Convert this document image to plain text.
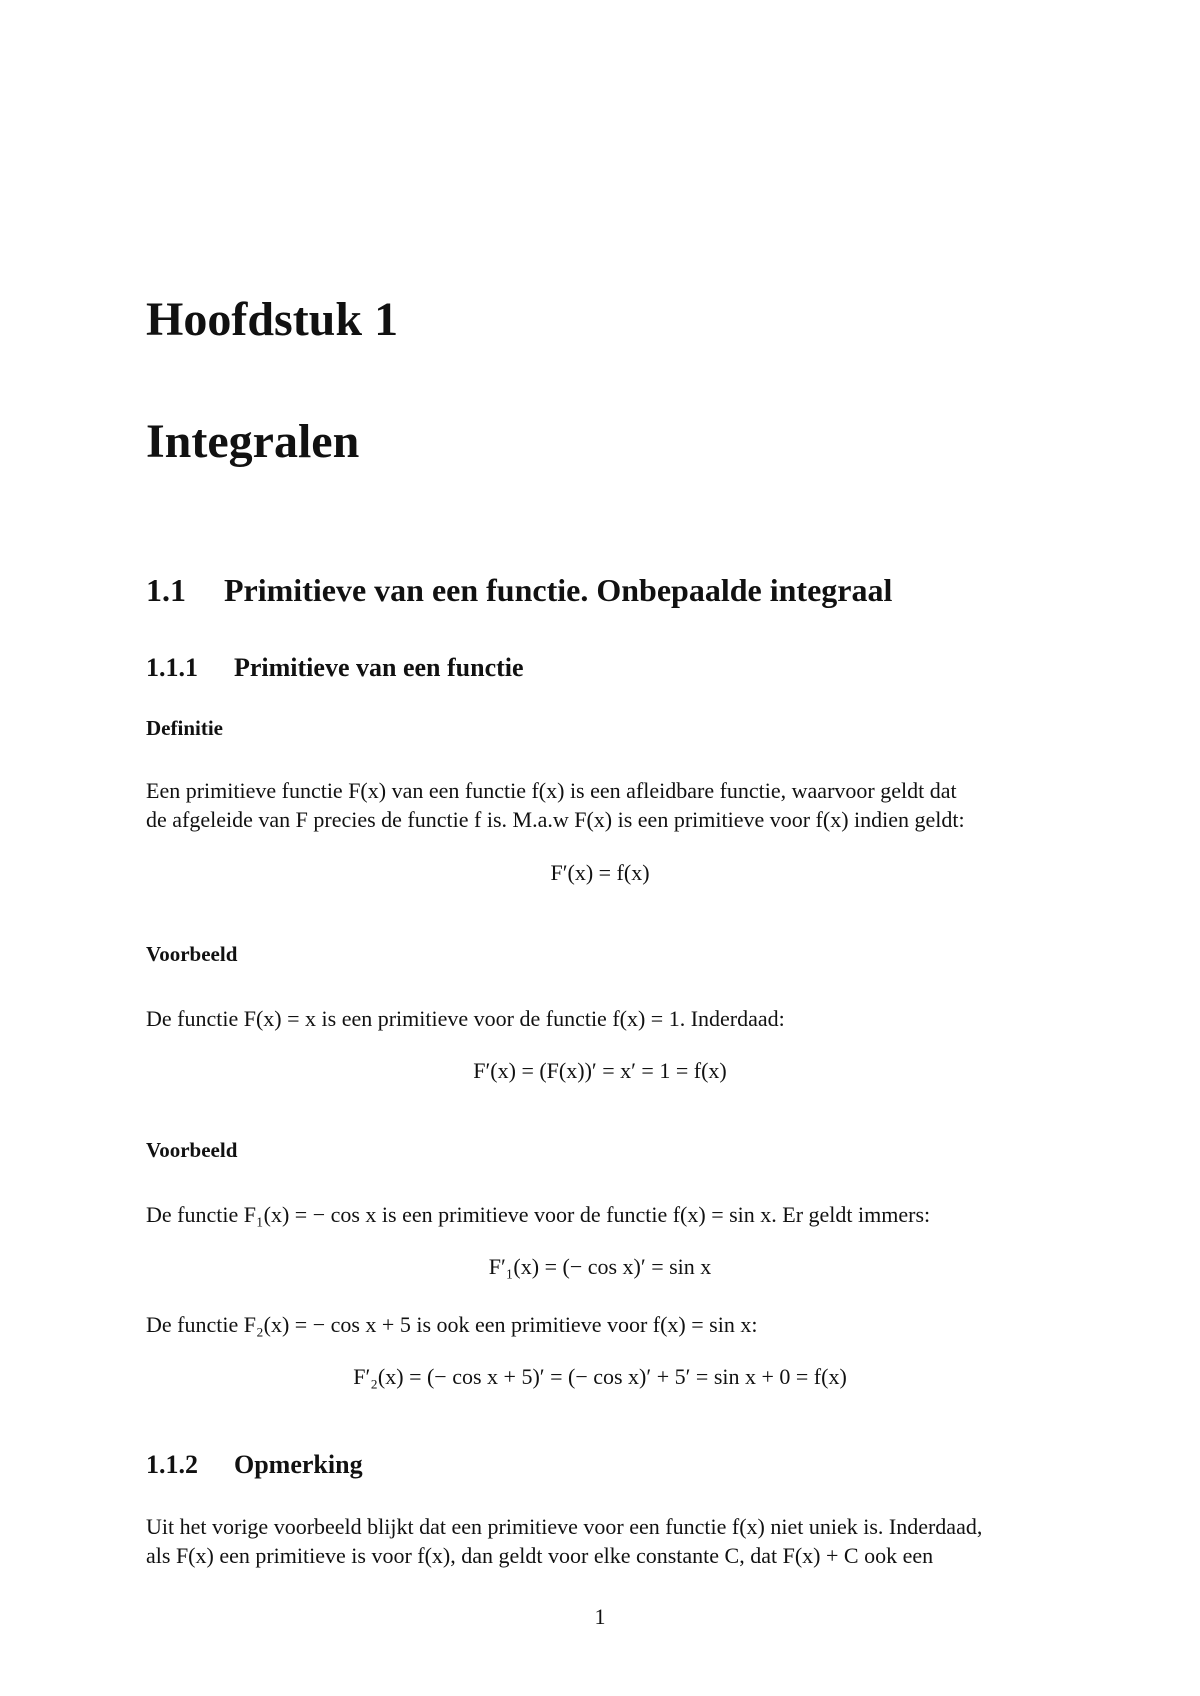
Hoofdstuk 1
Integralen
1.1 Primitieve van een functie. Onbepaalde integraal
1.1.1 Primitieve van een functie

Definitie

Een primitieve functie F(x) van een functie f(x) is een afleidbare functie, waarvoor geldt dat
de afgeleide van F precies de functie f is. M.a.w F(x) is een primitieve voor f(x) indien geldt:

F′(x) = f(x)

Voorbeeld

De functie F(x) = x is een primitieve voor de functie f(x) = 1. Inderdaad:

F′(x) = (F(x))′ = x′ = 1 = f(x)

Voorbeeld

De functie F₁(x) = − cos x is een primitieve voor de functie f(x) = sin x. Er geldt immers:

F′₁(x) = (− cos x)′ = sin x

De functie F₂(x) = − cos x + 5 is ook een primitieve voor f(x) = sin x:

F′₂(x) = (− cos x + 5)′ = (− cos x)′ + 5′ = sin x + 0 = f(x)

1.1.2 Opmerking
Uit het vorige voorbeeld blijkt dat een primitieve voor een functie f(x) niet uniek is. Inderdaad,
als F(x) een primitieve is voor f(x), dan geldt voor elke constante C, dat F(x) + C ook een
1
